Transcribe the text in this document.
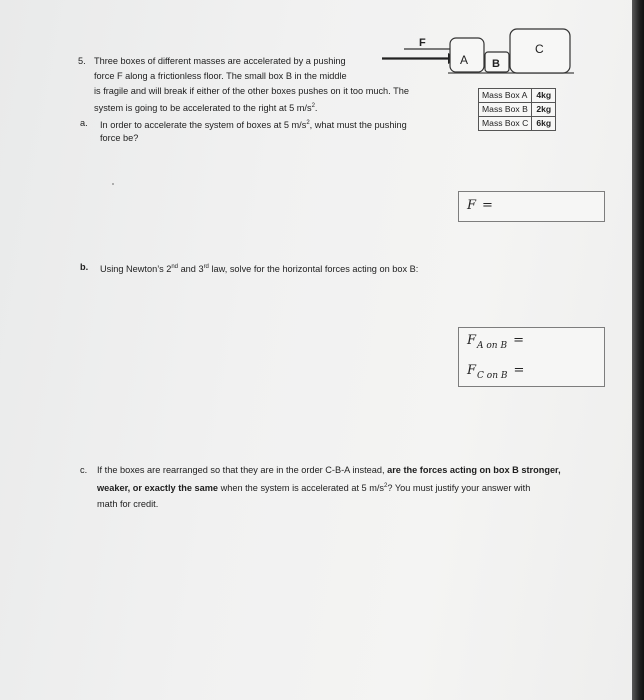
5. Three boxes of different masses are accelerated by a pushing
force F along a frictionless floor. The small box B in the middle
is fragile and will break if either of the other boxes pushes on it too much. The
system is going to be accelerated to the right at 5 $m/s^2$.
a. In order to accelerate the system of boxes at 5 $m/s^2$, what must the pushing
force be?
F
A B
C
Mass Box A	4kg
Mass Box B	2kg
Mass Box C	6kg
F =
b. Using Newton’s 2nd and 3rd law, solve for the horizontal forces acting on box B:
$F_{A on B}$ =
$F_{C on B}$ =
c. If the boxes are rearranged so that they are in the order C-B-A instead, are the forces acting on box B stronger,
weaker, or exactly the same when the system is accelerated at 5 $m/s^2$? You must justify your answer with
math for credit.
